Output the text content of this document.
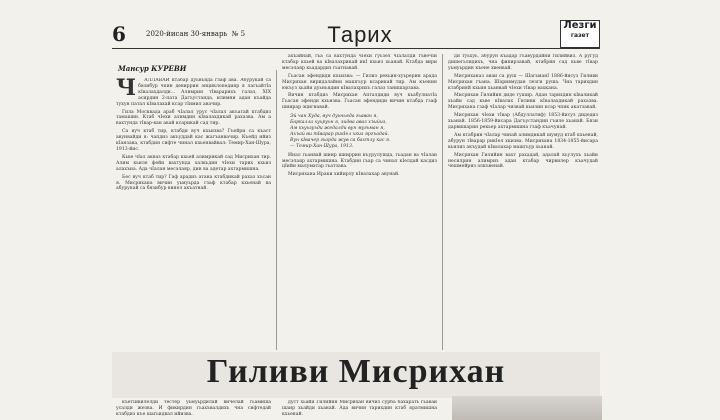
6	2020-йисан 30-январь № 5	Тарих	Лезги
газет
Мансур КУРЕВИ
Ч	АЛЛАВАЙ ктабар дуьньяда гзаф ава. Абурукай са бязибур чпин девиррин энциклопедияр я лагьайтIа кIвалахдалди... Алимрин тIварарихъ галаз, XIX асирдин 2-пата Дагъустанда, илимни адан къайда тухун патал кIвалахай ксар тIимил авачир.

Гила Москвада араб чIалал урус чIалал акъатай ктабдиз тамашин. Ктаб чIехи алимдин кIвалахдикай рахазва. Ам а вахтунда тIвар-ван авай ксарикай сад тир.

Са вуч ктаб тир, ктабди вуч кхьизва? Гъейри са къаст авунвайди я: чапдиз акъуддай кас жагъанвачир. Къейд ийиз кIанзава, ктабдин сифте чинал кхьенвайвал: Темир-Хан-Шура, 1913-йис.

Кьве чIал акваз ктабар кхьей алимрикай сад Мисрихан тир. Алим кьиле фейи вахтунда халкьдин чIехи тарих кхьиз алахъна. Ада чIалан месэлаяр, дин ва адетар ахтармишна.

Бес вуч ктаб тир? Гаф арадиз атана ктабдикай рахаз хъсан я. Мисрихана вичин уьмуьрда гзаф ктабар кхьенай ва абурукай са бязибур винел акъатнай.

ахъайнай, гьа са вахтунда чIехи гуьзел чIалалди гъвечIи ктабар кхьей ва кIвалахрикай икI кхьиз хьанай. Ктабда вири месэлаяр кьадардиз гьатнавай.

Гьасан эфендиди кхьизва: — Гилиз рекьин-хуьрерин арада Мисрихан виридалайни машгьур ксарикай тир. Ам къенин юкъуз хьайи дуьньядин кIвалахрихъ галаз танишарзава.

Вичин ктабдиз Мисрихан Апталдиди вуч кьабулнатIа Гьасан эфенди кхьизва. Гьасан эфендиди вичин ктабда гзаф шиирар эцигнавай.

Эй чан Худа, вуч дуьньяда гьаван я,
Баркалла хуьруьн я, зидва аваз хъийиз,
Ам кьуьзуьди жедалди вун мугьман я,
Ахъай ви тIварар рикIел хкиз яргъадай.
Вун кIвачер гьарда жув са бахтлу кас я.
— Темир-Хан-Шура, 1913.

Инал гьанвай шиир шииррин къурулушда, гьадан ва чIалан месэлаяр ахтармишна. Ктабдин гьар са чинал кIелдай касдиз цIийи малуматар гьатзава.

Мисрихана Ираки хийирлу кIвалахар авунай.

ди туьхуь, абурун къадар гъавурдайни гилийвиз. А ругуд дишегьлидихъ, чна фикирзавай, ктабрин сад кьве тIвар уьмуьрдин къене хвенвай.

Мисриханаз аваи са руш — ШагьманI 1886-йисуз Гиливи Мисрихан гъана. Шаривмудан лезги руша. Чна тарихдин ктабрияй кхьин хьанвай чIехи тIвар вахкана.

Мисрихан Гилийин диде тушир. Адан тарихдин кIваликай хьайи сад кьве кIвалах Гиливи кIвалахдикай рахазва. Мисрихана гзаф чIалар чизвай кьилин ксар чпик акатзавай.

Мисрихан чIехи тIвар (Абдуллатиф) 1853-йисуз дидедиз хьанай. 1856-1859-йисара Дагъустандин гъиле хьанай. Бязи дарвишарин рекьер ахтармишна гзаф къачунай.

Ам ктабрин чIалар чинай алимдикай шумуд ктаб кхьенай, абурун тIварар рикIел хкизва. Мисрихана 1834-1855-йисара кьилиз акъудай кIвалахар машгьур хьанай.

Мисрихан Гилийин вахт рахадай, адалай кьулухъ хьайи несилрин алимриз адан ктабар чирвилер къачудай чешмейриз элкъвенай.

Гиливи Мисрихан

къетIивилелди тестер уьмуьрдилай вичелай гьамиша усалди жезва. И фикирдин гьахъвалдихъ чна сифтедай ктабдиз къе шагьидвал ийизва.

дуст хьайи Гилийин Мисрихан вичиз сурба бахарать гьаваи шаир хьайди хьанай. Ада вичин тарихдин ктаб яратмишна кхьенай.
